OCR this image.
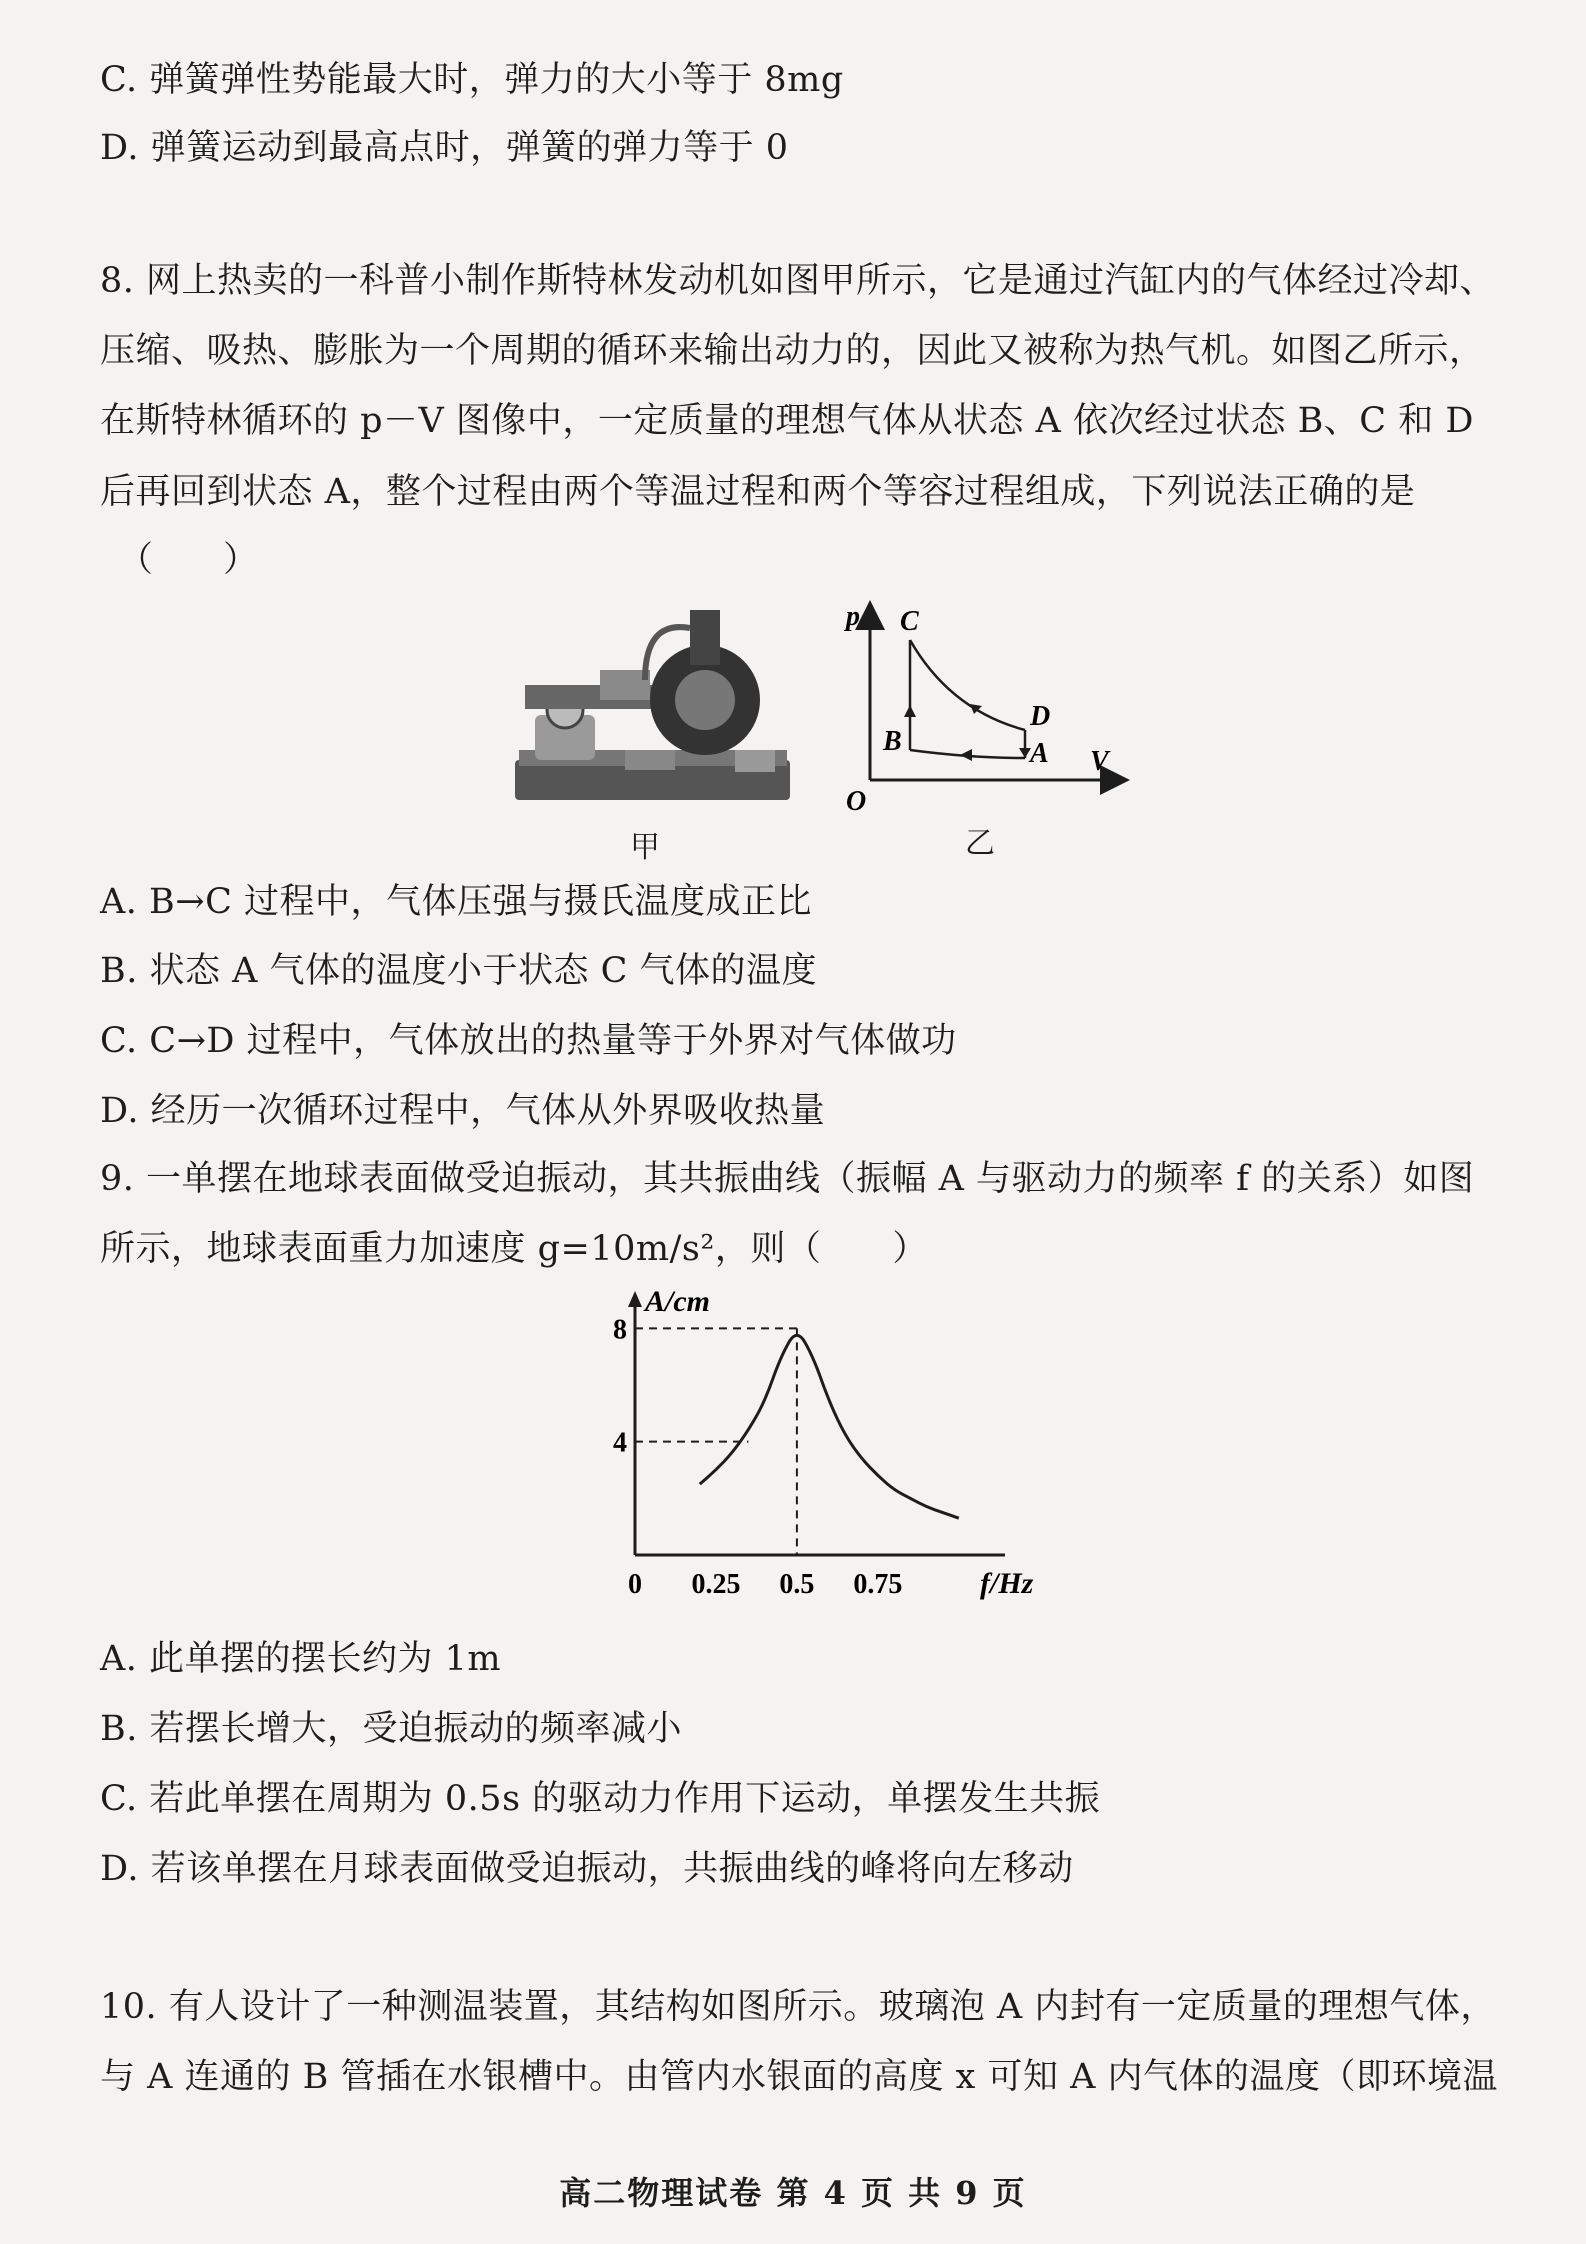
C. 弹簧弹性势能最大时，弹力的大小等于 8mg
D. 弹簧运动到最高点时，弹簧的弹力等于 0
8. 网上热卖的一科普小制作斯特林发动机如图甲所示，它是通过汽缸内的气体经过冷却、
压缩、吸热、膨胀为一个周期的循环来输出动力的，因此又被称为热气机。如图乙所示，
在斯特林循环的 p－V 图像中，一定质量的理想气体从状态 A 依次经过状态 B、C 和 D
后再回到状态 A，整个过程由两个等温过程和两个等容过程组成，下列说法正确的是
（　　）
甲
p C
B
D
A V
O
乙
A. B→C 过程中，气体压强与摄氏温度成正比
B. 状态 A 气体的温度小于状态 C 气体的温度
C. C→D 过程中，气体放出的热量等于外界对气体做功
D. 经历一次循环过程中，气体从外界吸收热量
9. 一单摆在地球表面做受迫振动，其共振曲线（振幅 A 与驱动力的频率 f 的关系）如图
所示，地球表面重力加速度 g=10m/s²，则（　　）
A/cm
f/Hz
0 0.25 0.5 0.75
8
4
A. 此单摆的摆长约为 1m
B. 若摆长增大，受迫振动的频率减小
C. 若此单摆在周期为 0.5s 的驱动力作用下运动，单摆发生共振
D. 若该单摆在月球表面做受迫振动，共振曲线的峰将向左移动
10. 有人设计了一种测温装置，其结构如图所示。玻璃泡 A 内封有一定质量的理想气体，
与 A 连通的 B 管插在水银槽中。由管内水银面的高度 x 可知 A 内气体的温度（即环境温
高二物理试卷 第 4 页 共 9 页
